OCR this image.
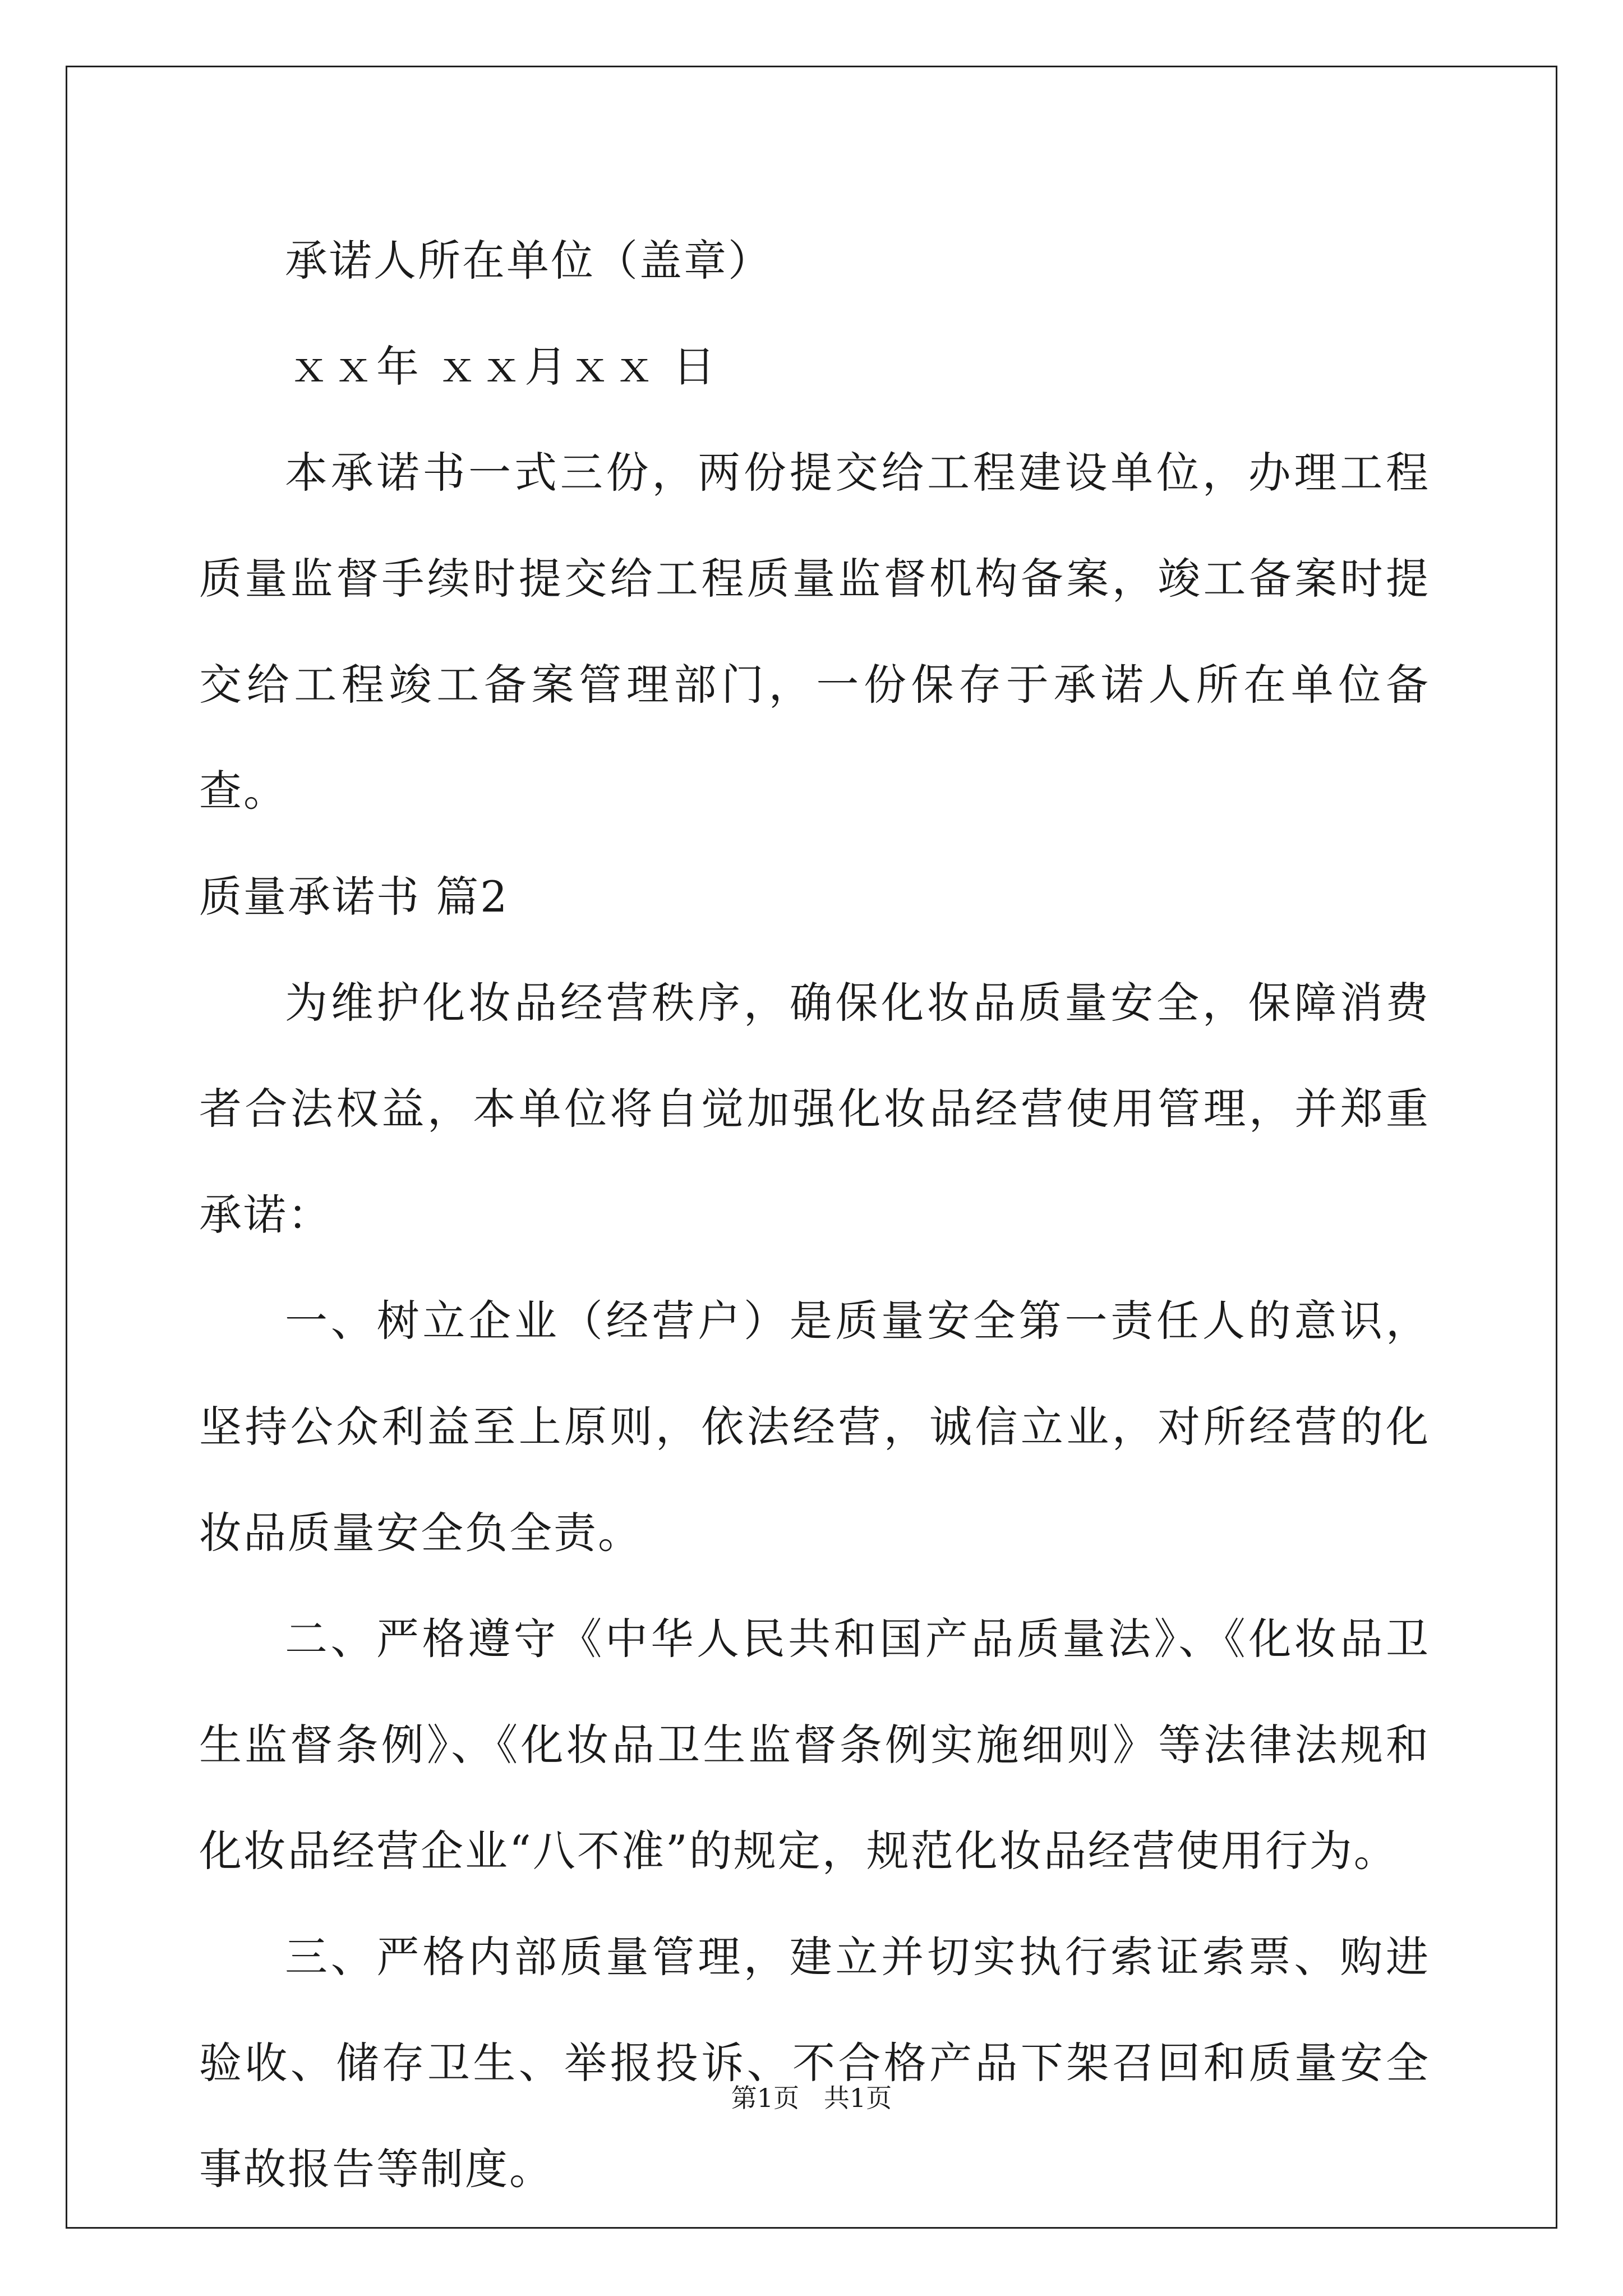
承诺人所在单位（盖章）

ｘｘ年 ｘｘ月ｘｘ 日

本承诺书一式三份，两份提交给工程建设单位，办理工程质量监督手续时提交给工程质量监督机构备案，竣工备案时提交给工程竣工备案管理部门，一份保存于承诺人所在单位备查。

质量承诺书 篇2

为维护化妆品经营秩序，确保化妆品质量安全，保障消费者合法权益，本单位将自觉加强化妆品经营使用管理，并郑重承诺：

一、树立企业（经营户）是质量安全第一责任人的意识，坚持公众利益至上原则，依法经营，诚信立业，对所经营的化妆品质量安全负全责。

二、严格遵守《中华人民共和国产品质量法》、《化妆品卫生监督条例》、《化妆品卫生监督条例实施细则》等法律法规和化妆品经营企业“八不准”的规定，规范化妆品经营使用行为。

三、严格内部质量管理，建立并切实执行索证索票、购进验收、储存卫生、举报投诉、不合格产品下架召回和质量安全事故报告等制度。

第1页   共1页
